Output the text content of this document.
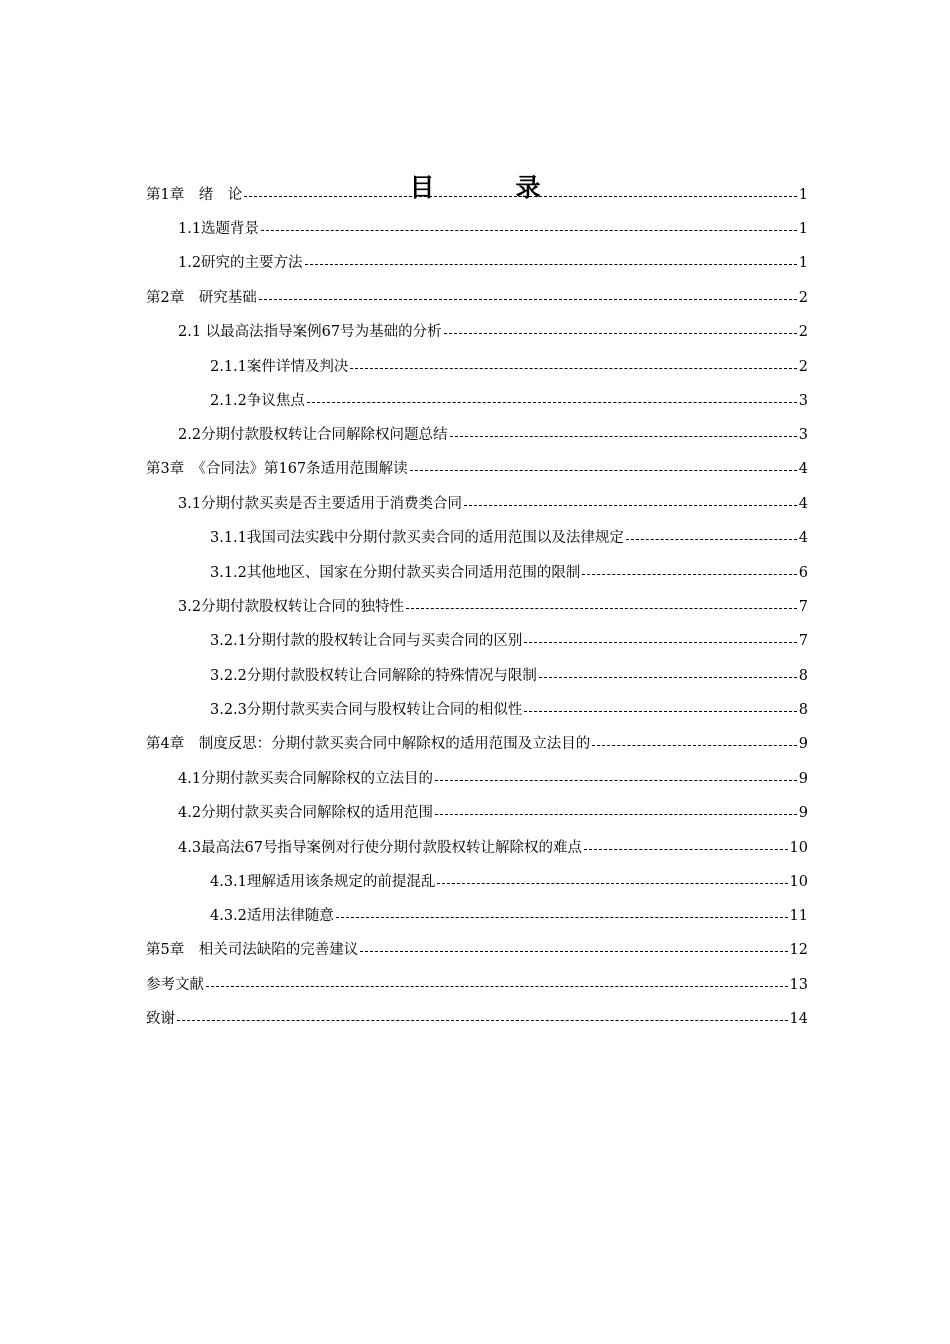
目　录
第1章　绪　论	1
1.1选题背景	1
1.2研究的主要方法	1
第2章　研究基础	2
2.1 以最高法指导案例67号为基础的分析	2
2.1.1案件详情及判决	2
2.1.2争议焦点	3
2.2分期付款股权转让合同解除权问题总结	3
第3章　《合同法》第167条适用范围解读	4
3.1分期付款买卖是否主要适用于消费类合同	4
3.1.1我国司法实践中分期付款买卖合同的适用范围以及法律规定	4
3.1.2其他地区、国家在分期付款买卖合同适用范围的限制	6
3.2分期付款股权转让合同的独特性	7
3.2.1分期付款的股权转让合同与买卖合同的区别	7
3.2.2分期付款股权转让合同解除的特殊情况与限制	8
3.2.3分期付款买卖合同与股权转让合同的相似性	8
第4章　制度反思：分期付款买卖合同中解除权的适用范围及立法目的	9
4.1分期付款买卖合同解除权的立法目的	9
4.2分期付款买卖合同解除权的适用范围	9
4.3最高法67号指导案例对行使分期付款股权转让解除权的难点	10
4.3.1理解适用该条规定的前提混乱	10
4.3.2适用法律随意	11
第5章　相关司法缺陷的完善建议	12
参考文献	13
致谢	14
